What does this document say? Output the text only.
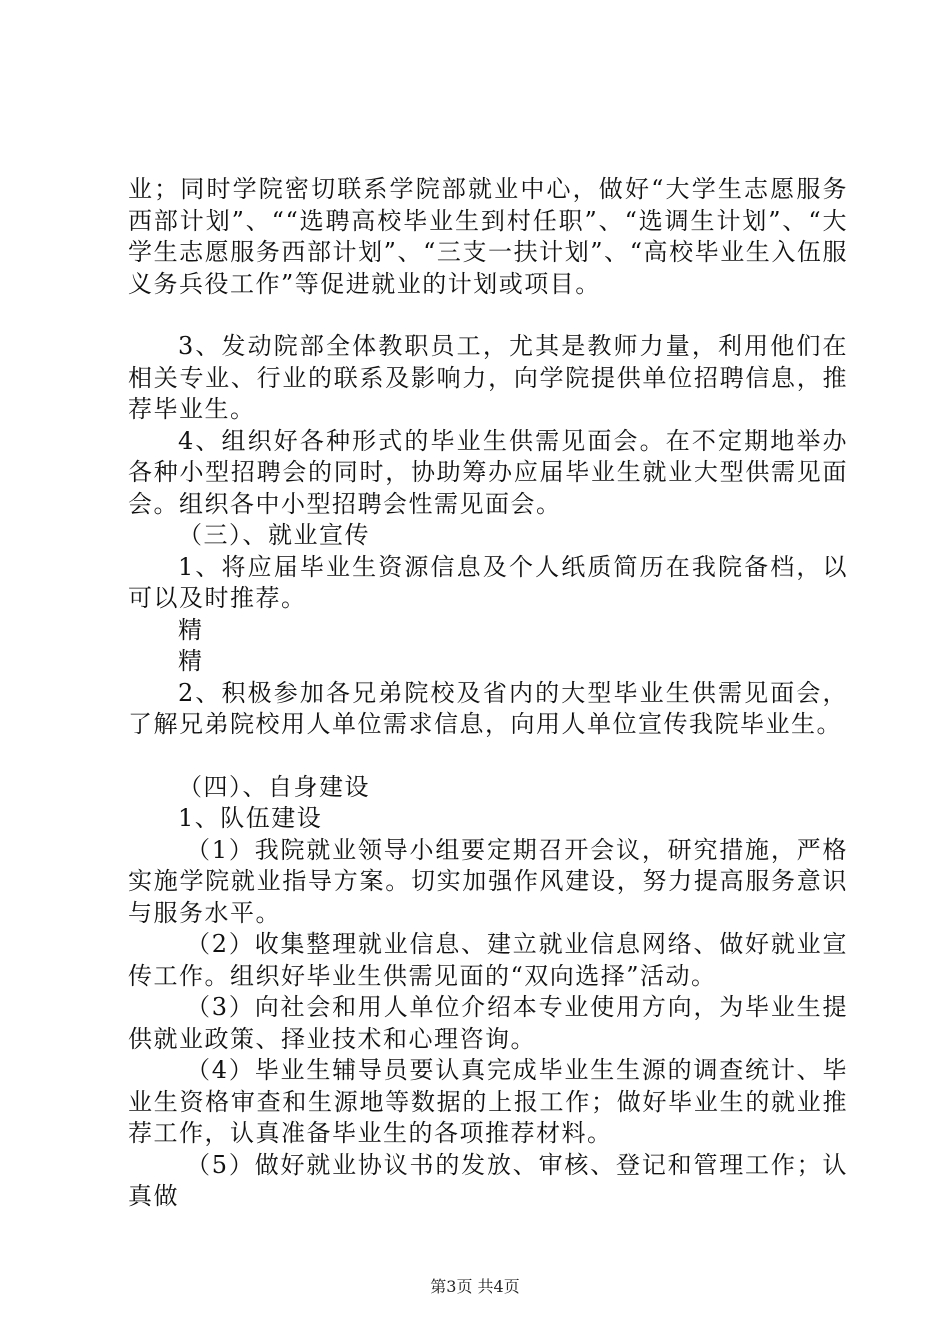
业；同时学院密切联系学院部就业中心，做好“大学生志愿服务西部计划”、““选聘高校毕业生到村任职”、“选调生计划”、“大学生志愿服务西部计划”、“三支一扶计划”、“高校毕业生入伍服义务兵役工作”等促进就业的计划或项目。

3、发动院部全体教职员工，尤其是教师力量，利用他们在相关专业、行业的联系及影响力，向学院提供单位招聘信息，推荐毕业生。

4、组织好各种形式的毕业生供需见面会。在不定期地举办各种小型招聘会的同时，协助筹办应届毕业生就业大型供需见面会。组织各中小型招聘会性需见面会。

（三）、就业宣传

1、将应届毕业生资源信息及个人纸质简历在我院备档，以可以及时推荐。

精

精

2、积极参加各兄弟院校及省内的大型毕业生供需见面会，了解兄弟院校用人单位需求信息，向用人单位宣传我院毕业生。

（四）、自身建设

1、队伍建设

（1）我院就业领导小组要定期召开会议，研究措施，严格实施学院就业指导方案。切实加强作风建设，努力提高服务意识与服务水平。

（2）收集整理就业信息、建立就业信息网络、做好就业宣传工作。组织好毕业生供需见面的“双向选择”活动。

（3）向社会和用人单位介绍本专业使用方向，为毕业生提供就业政策、择业技术和心理咨询。

（4）毕业生辅导员要认真完成毕业生生源的调查统计、毕业生资格审查和生源地等数据的上报工作；做好毕业生的就业推荐工作，认真准备毕业生的各项推荐材料。

（5）做好就业协议书的发放、审核、登记和管理工作；认真做

第3页 共4页
